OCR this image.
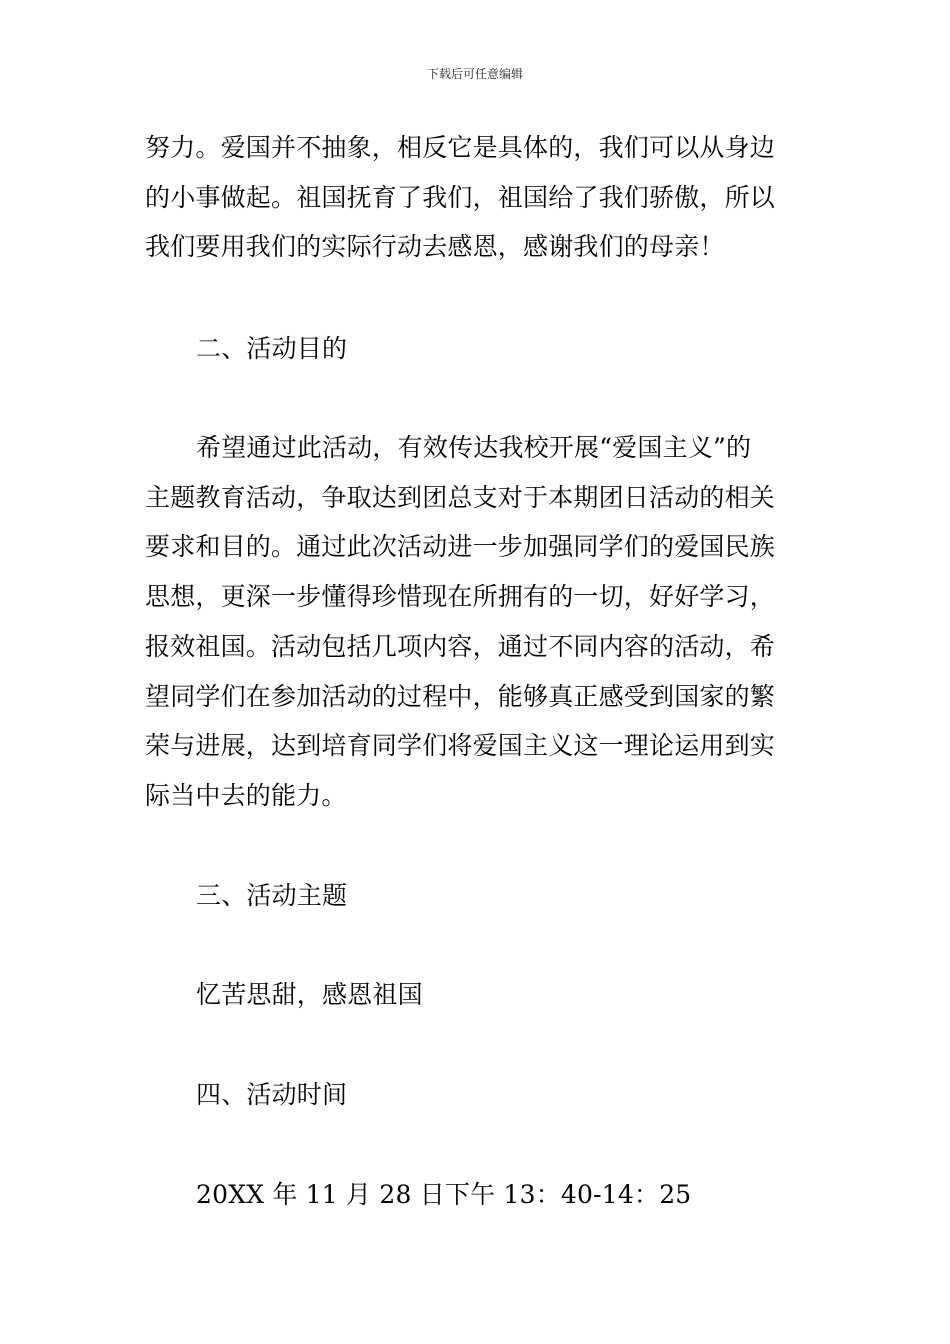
下载后可任意编辑
努力。爱国并不抽象，相反它是具体的，我们可以从身边
的小事做起。祖国抚育了我们，祖国给了我们骄傲，所以
我们要用我们的实际行动去感恩，感谢我们的母亲！
二、活动目的
希望通过此活动，有效传达我校开展“爱国主义”的
主题教育活动，争取达到团总支对于本期团日活动的相关
要求和目的。通过此次活动进一步加强同学们的爱国民族
思想，更深一步懂得珍惜现在所拥有的一切，好好学习，
报效祖国。活动包括几项内容，通过不同内容的活动，希
望同学们在参加活动的过程中，能够真正感受到国家的繁
荣与进展，达到培育同学们将爱国主义这一理论运用到实
际当中去的能力。
三、活动主题
忆苦思甜，感恩祖国
四、活动时间
20XX 年 11 月 28 日下午 13：40-14：25
